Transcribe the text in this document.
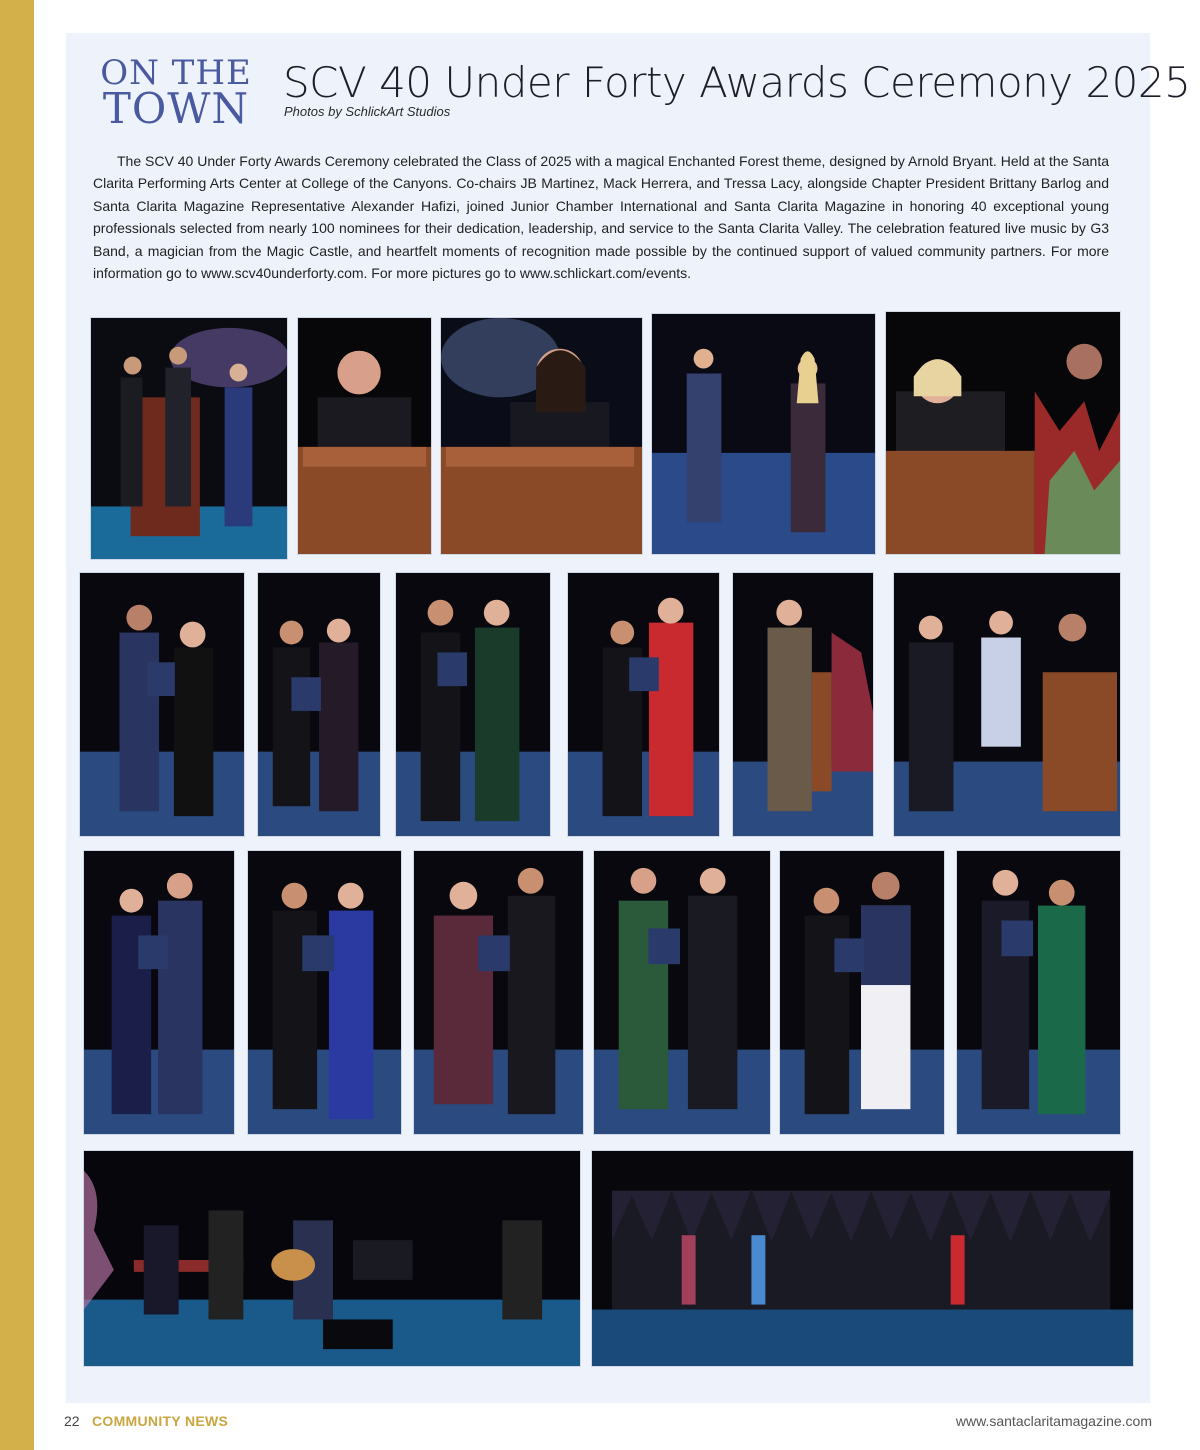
ON THE
TOWN
SCV 40 Under Forty Awards Ceremony 2025
Photos by SchlickArt Studios

The SCV 40 Under Forty Awards Ceremony celebrated the Class of 2025 with a magical Enchanted Forest theme, designed by Arnold Bryant. Held at the Santa Clarita Performing Arts Center at College of the Canyons. Co-chairs JB Martinez, Mack Herrera, and Tressa Lacy, alongside Chapter President Brittany Barlog and Santa Clarita Magazine Representative Alexander Hafizi, joined Junior Chamber International and Santa Clarita Magazine in honoring 40 exceptional young professionals selected from nearly 100 nominees for their dedication, leadership, and service to the Santa Clarita Valley. The celebration featured live music by G3 Band, a magician from the Magic Castle, and heartfelt moments of recognition made possible by the continued support of valued community partners. For more information go to www.scv40underforty.com. For more pictures go to www.schlickart.com/events.

22 COMMUNITY NEWS	www.santaclaritamagazine.com
